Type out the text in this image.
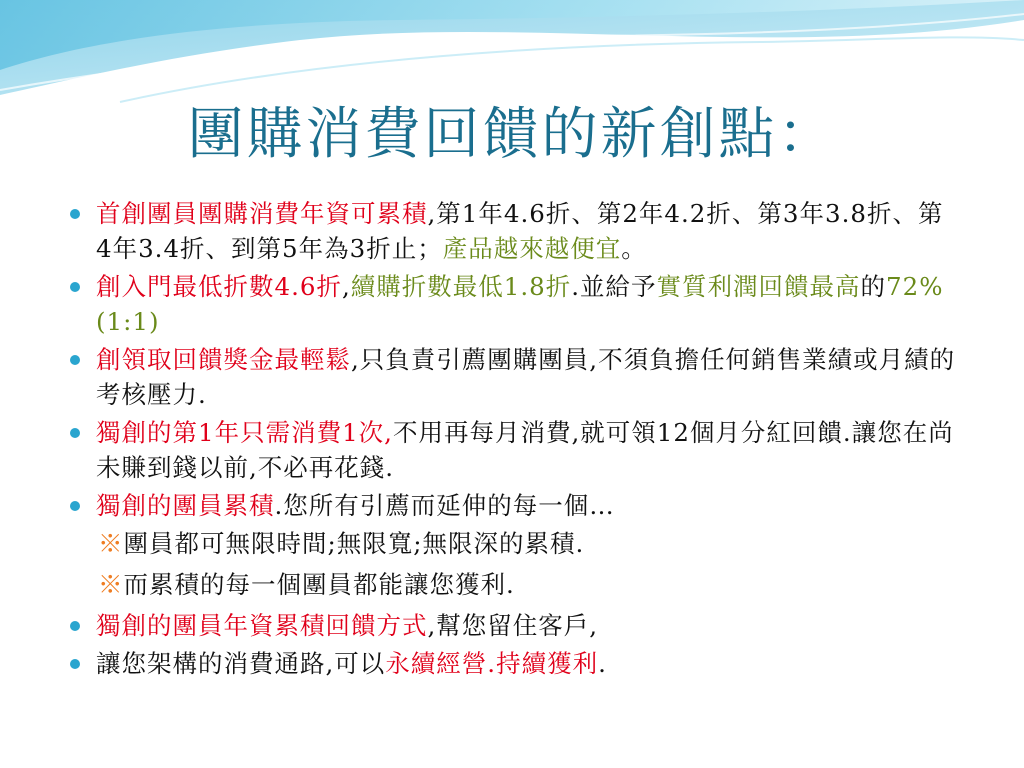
團購消費回饋的新創點：
首創團員團購消費年資可累積,第1年4.6折、第2年4.2折、第3年3.8折、第4年3.4折、到第5年為3折止；產品越來越便宜。
創入門最低折數4.6折,續購折數最低1.8折.並給予實質利潤回饋最高的72%(1:1)
創領取回饋獎金最輕鬆,只負責引薦團購團員,不須負擔任何銷售業績或月績的考核壓力.
獨創的第1年只需消費1次,不用再每月消費,就可領12個月分紅回饋.讓您在尚未賺到錢以前,不必再花錢.
獨創的團員累積.您所有引薦而延伸的每一個…
※團員都可無限時間;無限寬;無限深的累積.
※而累積的每一個團員都能讓您獲利.
獨創的團員年資累積回饋方式,幫您留住客戶,
讓您架構的消費通路,可以永續經營.持續獲利.
